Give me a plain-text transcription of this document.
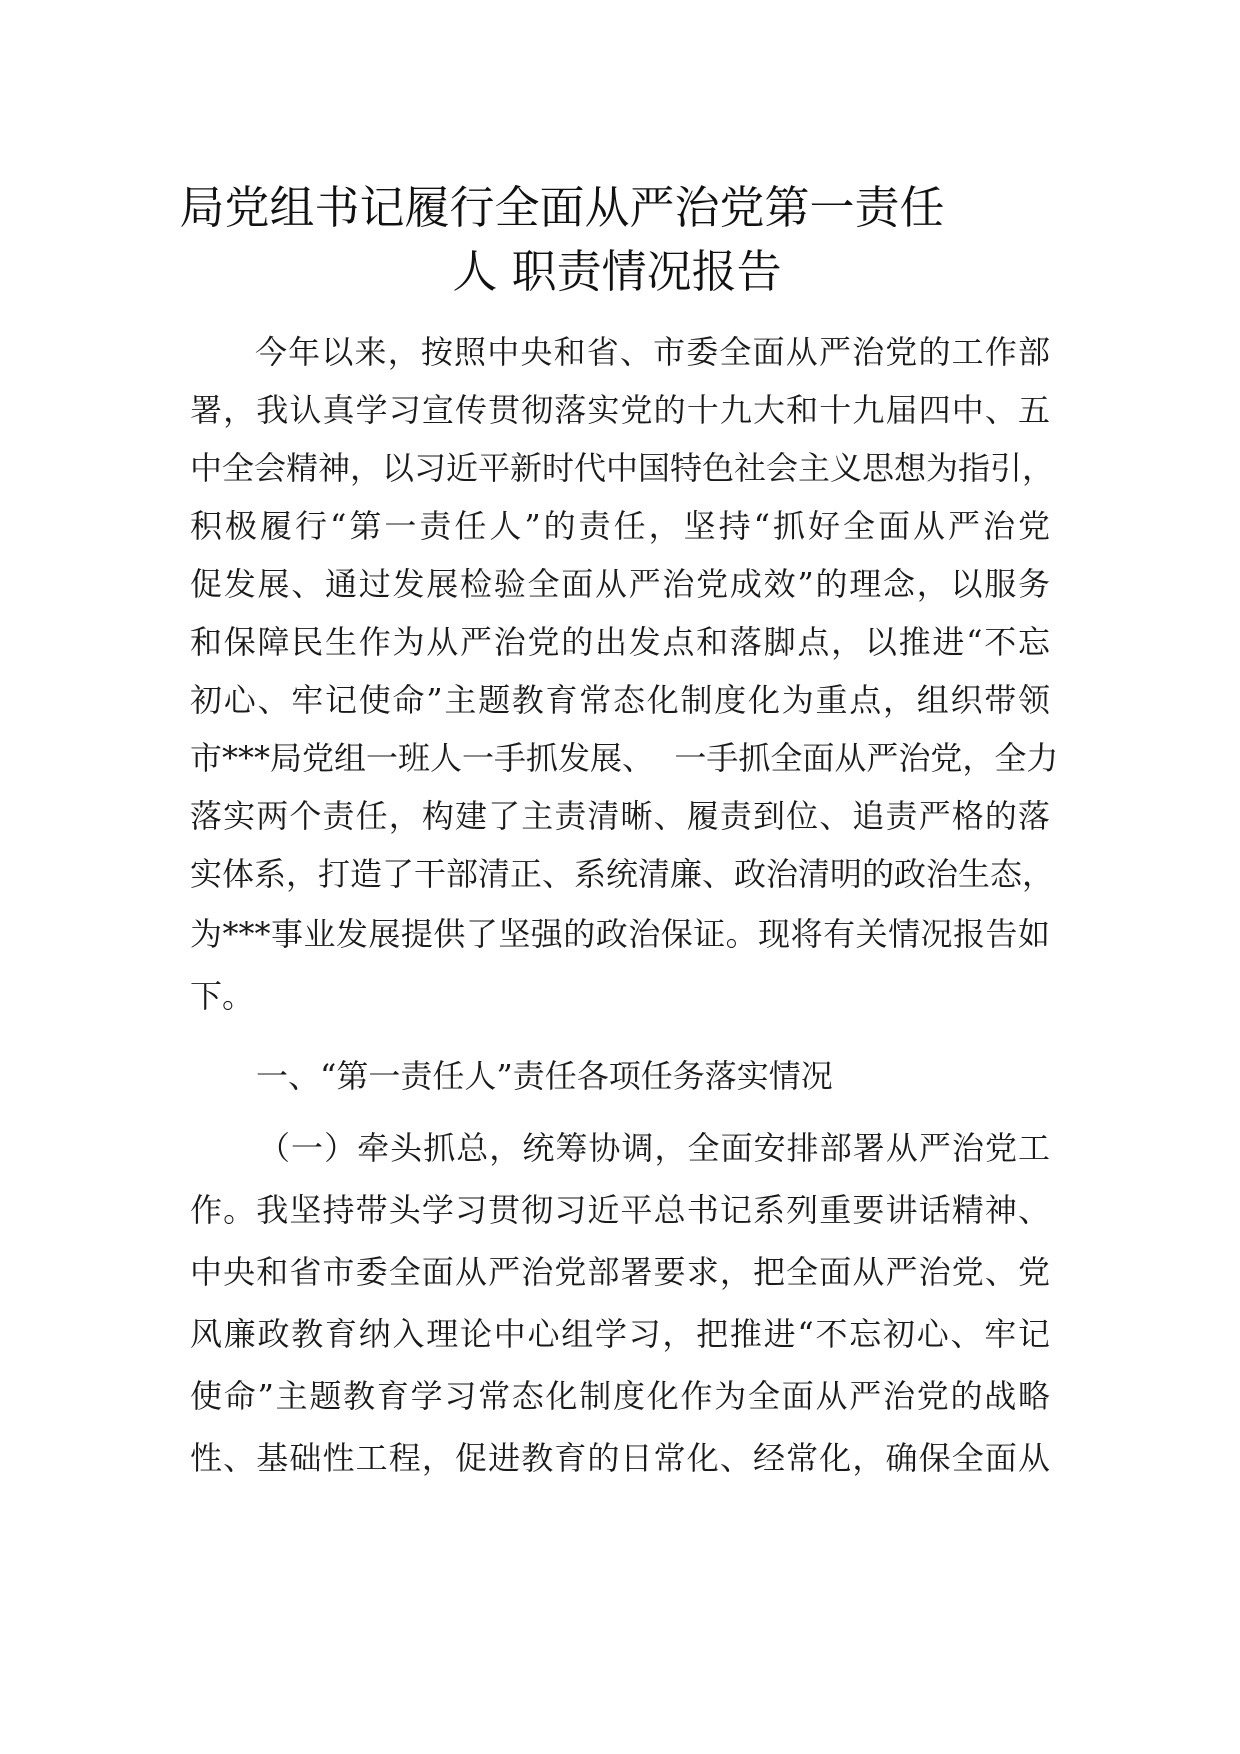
局党组书记履行全面从严治党第一责任
人 职责情况报告
今年以来，按照中央和省、市委全面从严治党的工作部
署，我认真学习宣传贯彻落实党的十九大和十九届四中、五
中全会精神，以习近平新时代中国特色社会主义思想为指引，
积极履行“第一责任人”的责任，坚持“抓好全面从严治党
促发展、通过发展检验全面从严治党成效”的理念，以服务
和保障民生作为从严治党的出发点和落脚点，以推进“不忘
初心、牢记使命”主题教育常态化制度化为重点，组织带领
市***局党组一班人一手抓发展、  一手抓全面从严治党，全力
落实两个责任，构建了主责清晰、履责到位、追责严格的落
实体系，打造了干部清正、系统清廉、政治清明的政治生态，
为***事业发展提供了坚强的政治保证。现将有关情况报告如
下。
一、“第一责任人”责任各项任务落实情况
（一）牵头抓总，统筹协调，全面安排部署从严治党工
作。我坚持带头学习贯彻习近平总书记系列重要讲话精神、
中央和省市委全面从严治党部署要求，把全面从严治党、党
风廉政教育纳入理论中心组学习，把推进“不忘初心、牢记
使命”主题教育学习常态化制度化作为全面从严治党的战略
性、基础性工程，促进教育的日常化、经常化，确保全面从
